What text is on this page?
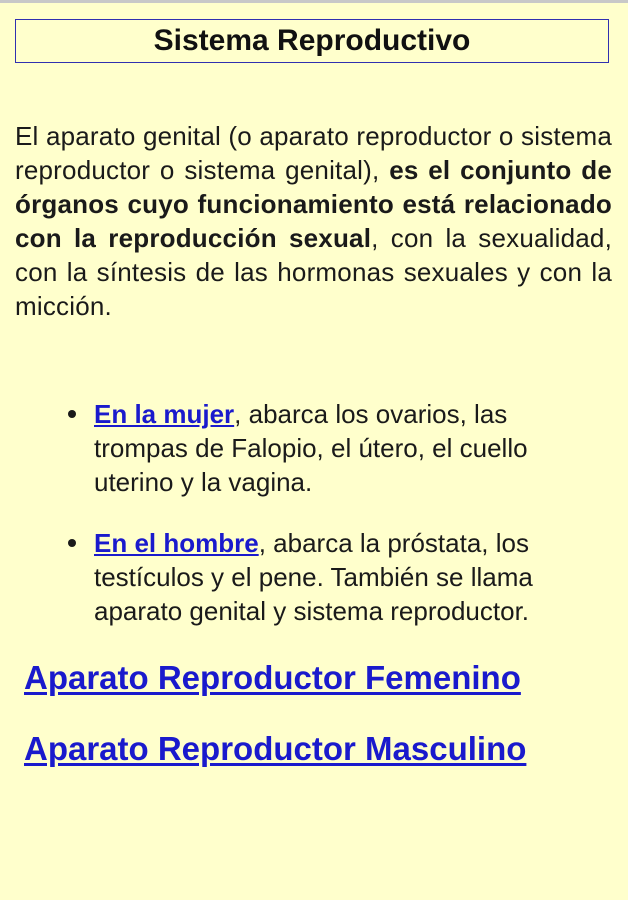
Sistema Reproductivo

El aparato genital (o aparato reproductor o sistema reproductor o sistema genital), es el conjunto de órganos cuyo funcionamiento está relacionado con la reproducción sexual, con la sexualidad, con la síntesis de las hormonas sexuales y con la micción.

En la mujer, abarca los ovarios, las trompas de Falopio, el útero, el cuello uterino y la vagina.
En el hombre, abarca la próstata, los testículos y el pene. También se llama aparato genital y sistema reproductor.
Aparato Reproductor Femenino
Aparato Reproductor Masculino
